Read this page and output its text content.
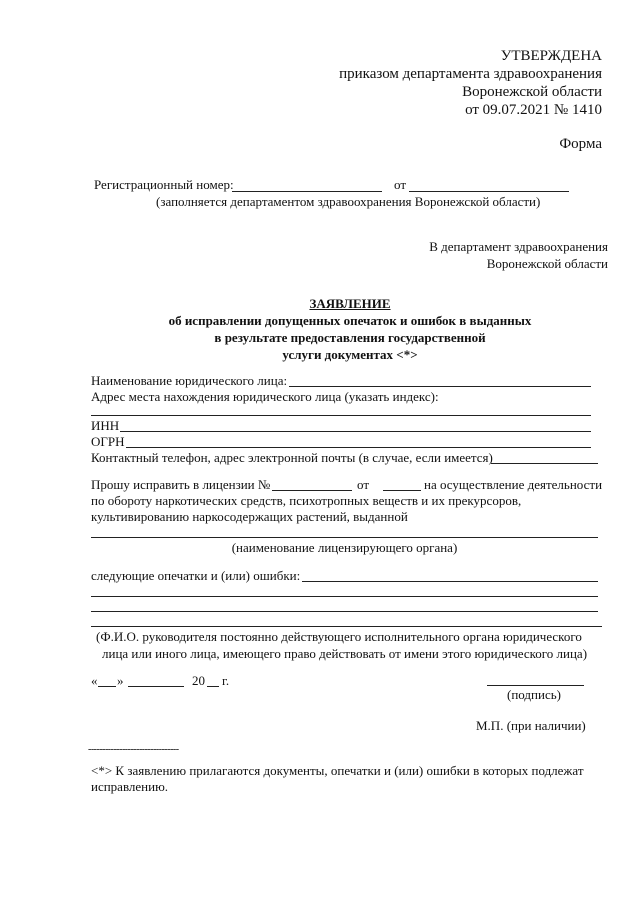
УТВЕРЖДЕНА
приказом департамента здравоохранения
Воронежской области
от 09.07.2021 № 1410
Форма
Регистрационный номер:	от
(заполняется департаментом здравоохранения Воронежской области)
В департамент здравоохранения
Воронежской области
ЗАЯВЛЕНИЕ
об исправлении допущенных опечаток и ошибок в выданных
в результате предоставления государственной
услуги документах <*>
Наименование юридического лица:
Адрес места нахождения юридического лица (указать индекс):
ИНН
ОГРН
Контактный телефон, адрес электронной почты (в случае, если имеется)
Прошу исправить в лицензии №	от	на осуществление деятельности
по обороту наркотических средств, психотропных веществ и их прекурсоров,
культивированию наркосодержащих растений, выданной
(наименование лицензирующего органа)
следующие опечатки и (или) ошибки:
(Ф.И.О. руководителя постоянно действующего исполнительного органа юридического
лица или иного лица, имеющего право действовать от имени этого юридического лица)
« »	20 г.
(подпись)
М.П. (при наличии)
--------------------------------
<*> К заявлению прилагаются документы, опечатки и (или) ошибки в которых подлежат
исправлению.
